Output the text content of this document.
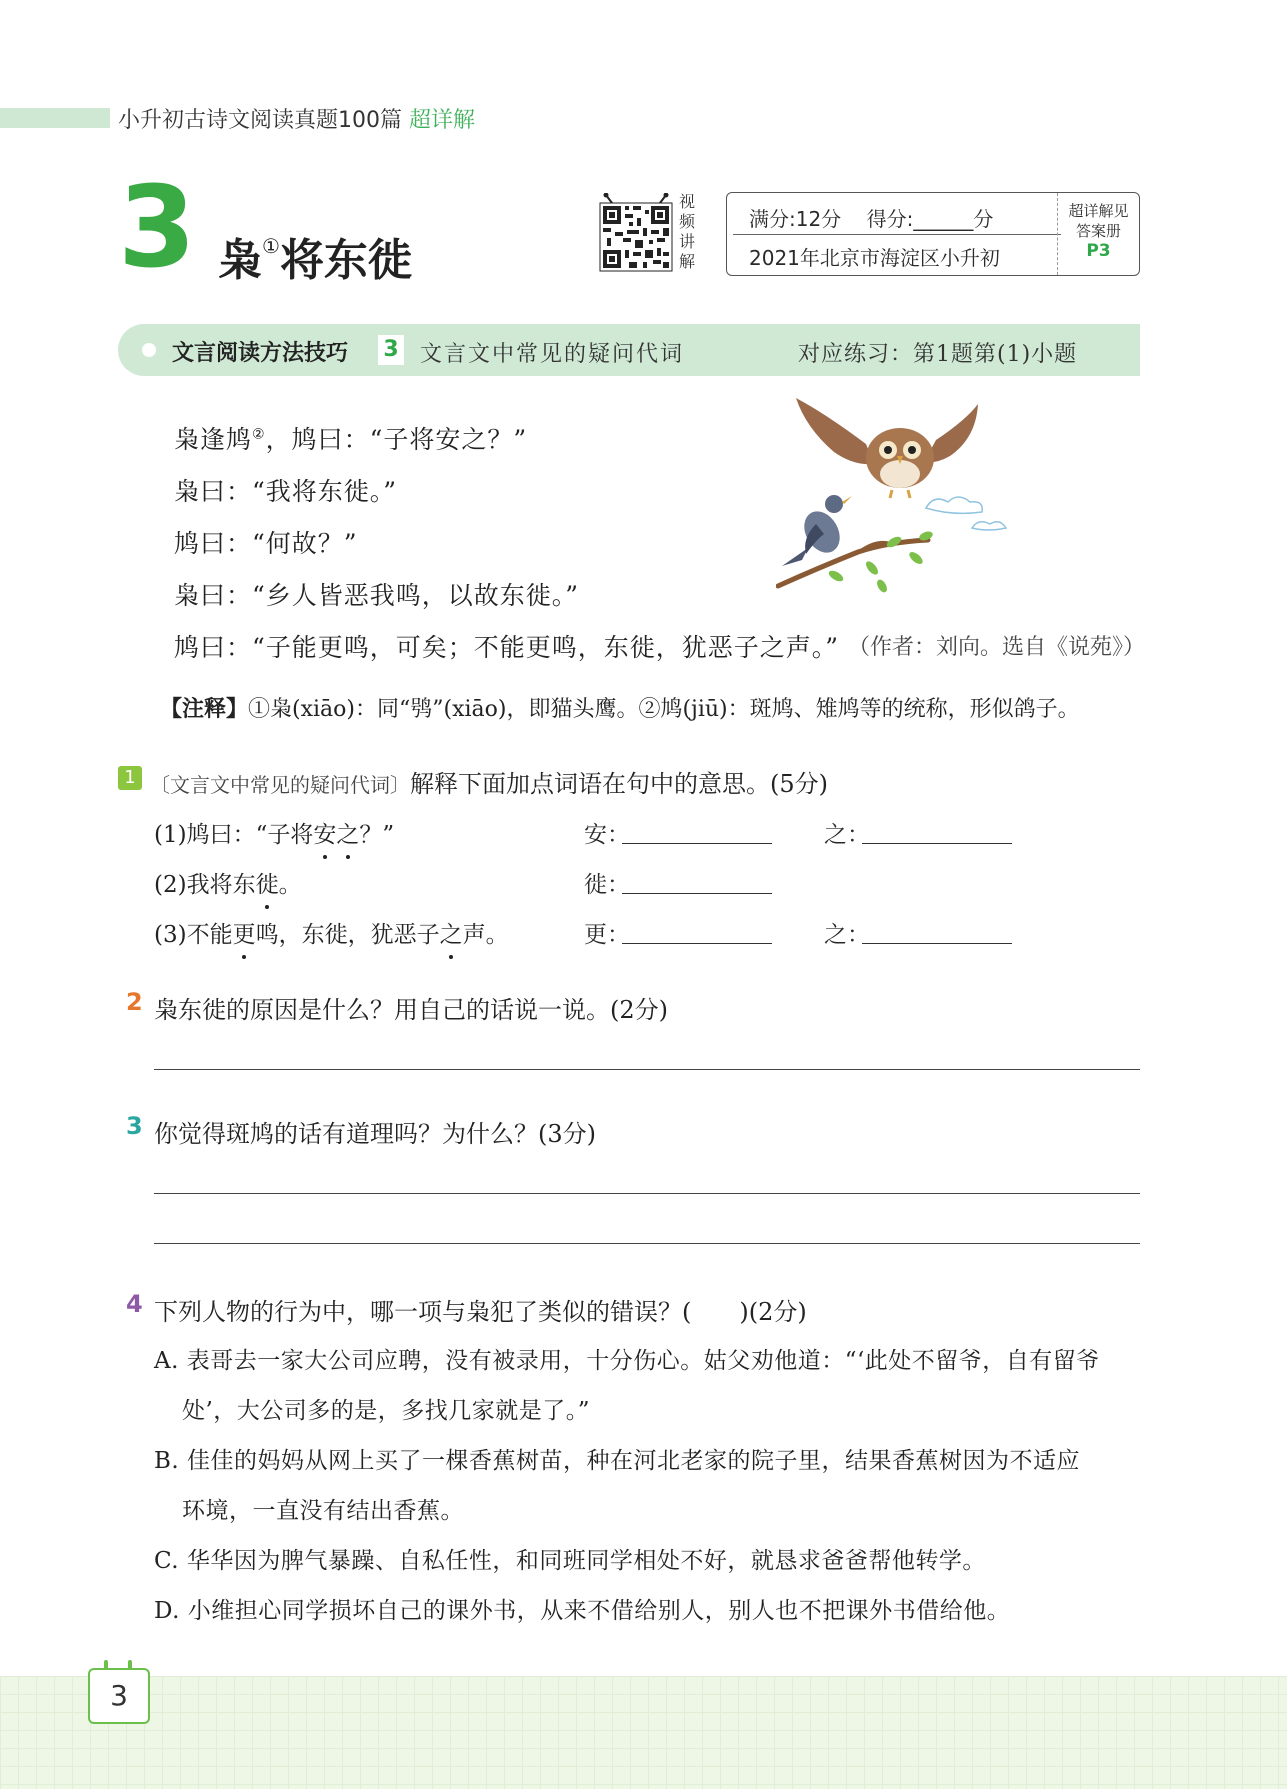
小升初古诗文阅读真题100篇 超详解
3 枭①将东徙
视
频
讲
解
满分:12分 得分:______分
2021年北京市海淀区小升初
超详解见
答案册
P3
文言阅读方法技巧 3 文言文中常见的疑问代词	对应练习：第1题第(1)小题
枭逢鸠②，鸠曰：“子将安之？”
枭曰：“我将东徙。”
鸠曰：“何故？”
枭曰：“乡人皆恶我鸣，以故东徙。”
鸠曰：“子能更鸣，可矣；不能更鸣，东徙，犹恶子之声。” （作者：刘向。选自《说苑》）
【注释】①枭(xiāo)：同“鸮”(xiāo)，即猫头鹰。②鸠(jiū)：斑鸠、雉鸠等的统称，形似鸽子。
1 〔文言文中常见的疑问代词〕解释下面加点词语在句中的意思。(5分)
(1)鸠曰：“子将安之？”	安：	之：
(2)我将东徙。	徙：
(3)不能更鸣，东徙，犹恶子之声。	更：	之：
2 枭东徙的原因是什么？用自己的话说一说。(2分)
3 你觉得斑鸠的话有道理吗？为什么？(3分)
4 下列人物的行为中，哪一项与枭犯了类似的错误？(　　)(2分)
A. 表哥去一家大公司应聘，没有被录用，十分伤心。姑父劝他道：“‘此处不留爷，自有留爷
处’，大公司多的是，多找几家就是了。”
B. 佳佳的妈妈从网上买了一棵香蕉树苗，种在河北老家的院子里，结果香蕉树因为不适应
环境，一直没有结出香蕉。
C. 华华因为脾气暴躁、自私任性，和同班同学相处不好，就恳求爸爸帮他转学。
D. 小维担心同学损坏自己的课外书，从来不借给别人，别人也不把课外书借给他。
3
